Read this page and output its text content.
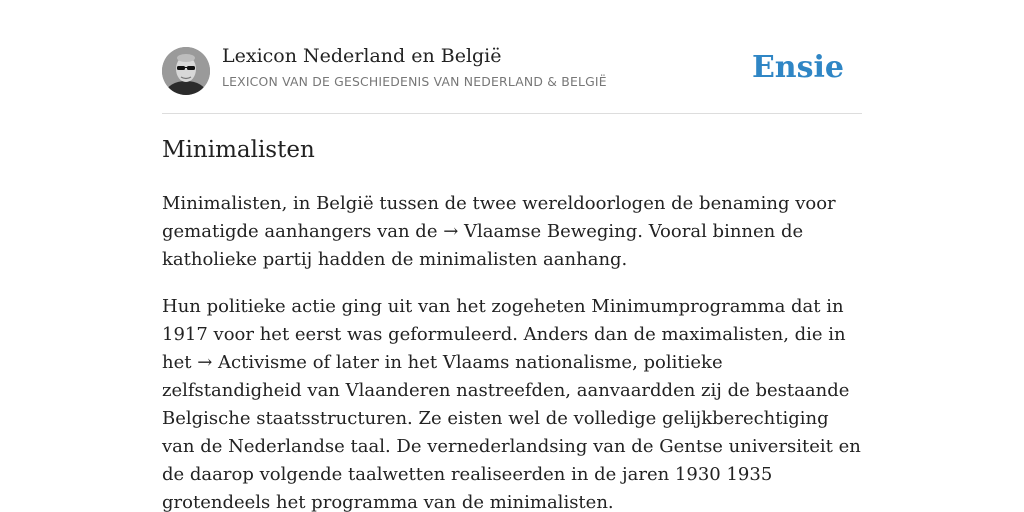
Lexicon Nederland en België
LEXICON VAN DE GESCHIEDENIS VAN NEDERLAND & BELGIË	Ensie
Minimalisten

Minimalisten, in België tussen de twee wereldoorlogen de benaming voor gematigde aanhangers van de → Vlaamse Beweging. Vooral binnen de katholieke partij hadden de minimalisten aanhang.

Hun politieke actie ging uit van het zogeheten Minimumprogramma dat in 1917 voor het eerst was geformuleerd. Anders dan de maximalisten, die in het → Activisme of later in het Vlaams nationalisme, politieke zelfstandigheid van Vlaanderen nastreefden, aanvaardden zij de bestaande Belgische staatsstructuren. Ze eisten wel de volledige gelijkberechtiging van de Nederlandse taal. De vernederlandsing van de Gentse universiteit en de daarop volgende taalwetten realiseerden in de jaren 1930 1935 grotendeels het programma van de minimalisten.
